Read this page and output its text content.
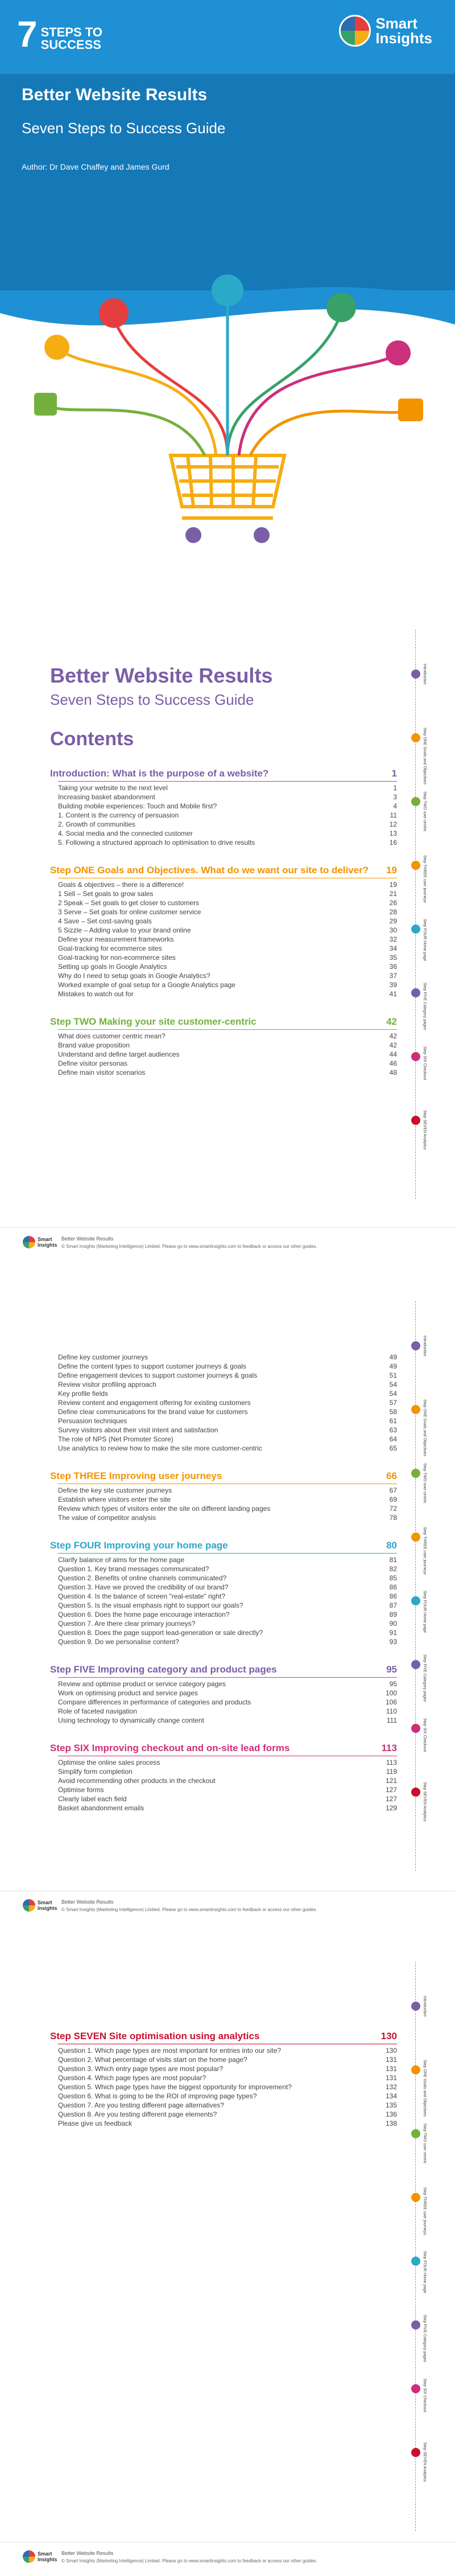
7 STEPS TO
SUCCESS
Smart
Insights
Better Website Results
Seven Steps to Success Guide
Author: Dr Dave Chaffey and James Gurd
Introduction
Step ONE Goals and Objectives
Step TWO user centric
Step THREE user journeys
Step FOUR Home page
Step FIVE Category pages
Step SIX Checkout
Step SEVEN Analytics
Better Website Results
Seven Steps to Success Guide
Contents
Introduction: What is the purpose of a website?	1
Taking your website to the next level	1
Increasing basket abandonment	3
Building mobile experiences: Touch and Mobile first?	4
1. Content is the currency of persuasion	11
2. Growth of communities	12
4. Social media and the connected customer	13
5. Following a structured approach to optimisation to drive results	16
Step ONE Goals and Objectives. What do we want our site to deliver?	19
Goals & objectives – there is a difference!	19
1 Sell – Set goals to grow sales	21
2 Speak – Set goals to get closer to customers	26
3 Serve – Set goals for online customer service	28
4 Save – Set cost-saving goals	29
5 Sizzle – Adding value to your brand online	30
Define your measurement frameworks	32
Goal-tracking for ecommerce sites	34
Goal-tracking for non-ecommerce sites	35
Setting up goals in Google Analytics	36
Why do I need to setup goals in Google Analytics?	37
Worked example of goal setup for a Google Analytics page	39
Mistakes to watch out for	41
Step TWO Making your site customer-centric	42
What does customer centric mean?	42
Brand value proposition	42
Understand and define target audiences	44
Define visitor personas	46
Define main visitor scenarios	48
Smart
Insights
Better Website Results
© Smart Insights (Marketing Intelligence) Limited. Please go to www.smartinsights.com to feedback or access our other guides.
Introduction
Step ONE Goals and Objectives
Step TWO user centric
Step THREE user journeys
Step FOUR Home page
Step FIVE Category pages
Step SIX Checkout
Step SEVEN Analytics
Define key customer journeys	49
Define the content types to support customer journeys & goals	49
Define engagement devices to support customer journeys & goals	51
Review visitor profiling approach	54
Key profile fields	54
Review content and engagement offering for existing customers	57
Define clear communications for the brand value for customers	58
Persuasion techniques	61
Survey visitors about their visit intent and satisfaction	63
The role of NPS (Net Promoter Score)	64
Use analytics to review how to make the site more customer-centric	65
Step THREE Improving user journeys	66
Define the key site customer journeys	67
Establish where visitors enter the site	69
Review which types of visitors enter the site on different landing pages	72
The value of competitor analysis	78
Step FOUR Improving your home page	80
Clarify balance of aims for the home page	81
Question 1. Key brand messages communicated?	82
Question 2. Benefits of online channels communicated?	85
Question 3. Have we proved the credibility of our brand?	86
Question 4. Is the balance of screen "real-estate" right?	86
Question 5. Is the visual emphasis right to support our goals?	87
Question 6. Does the home page encourage interaction?	89
Question 7. Are there clear primary journeys?	90
Question 8. Does the page support lead-generation or sale directly?	91
Question 9. Do we personalise content?	93
Step FIVE Improving category and product pages	95
Review and optimise product or service category pages	95
Work on optimising product and service pages	100
Compare differences in performance of categories and products	106
Role of faceted navigation	110
Using technology to dynamically change content	111
Step SIX Improving checkout and on-site lead forms	113
Optimise the online sales process	113
Simplify form completion	119
Avoid recommending other products in the checkout	121
Optimise forms	127
Clearly label each field	127
Basket abandonment emails	129
Smart
Insights
Better Website Results
© Smart Insights (Marketing Intelligence) Limited. Please go to www.smartinsights.com to feedback or access our other guides.
Introduction
Step ONE Goals and Objectives
Step TWO user centric
Step THREE user journeys
Step FOUR Home page
Step FIVE Category pages
Step SIX Checkout
Step SEVEN Analytics
Step SEVEN Site optimisation using analytics	130
Question 1. Which page types are most important for entries into our site?	130
Question 2. What percentage of visits start on the home page?	131
Question 3. Which entry page types are most popular?	131
Question 4. Which page types are most popular?	131
Question 5. Which page types have the biggest opportunity for improvement?	132
Question 6. What is going to be the ROI of improving page types?	134
Question 7. Are you testing different page alternatives?	135
Question 8. Are you testing different page elements?	136
Please give us feedback	138
Smart
Insights
Better Website Results
© Smart Insights (Marketing Intelligence) Limited. Please go to www.smartinsights.com to feedback or access our other guides.
